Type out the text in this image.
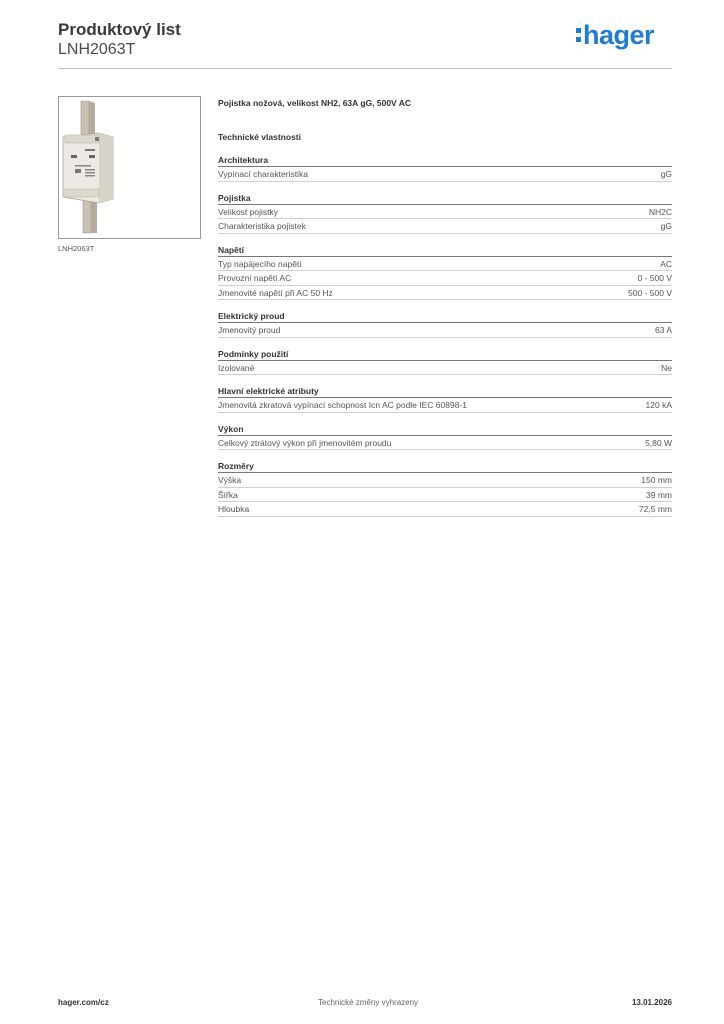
Produktový list
LNH2063T	hager
LNH2063T
Pojistka nožová, velikost NH2, 63A gG, 500V AC
Technické vlastnosti
Architektura
Vypínací charakteristika	gG
Pojistka
Velikost pojistky	NH2C
Charakteristika pojistek	gG
Napětí
Typ napájecího napětí	AC
Provozní napětí AC	0 - 500 V
Jmenovité napětí při AC 50 Hz	500 - 500 V
Elektrický proud
Jmenovitý proud	63 A
Podmínky použití
Izolované	Ne
Hlavní elektrické atributy
Jmenovitá zkratová vypínací schopnost Icn AC podle IEC 60898-1	120 kA
Výkon
Celkový ztrátový výkon při jmenovitém proudu	5,80 W
Rozměry
Výška	150 mm
Šířka	39 mm
Hloubka	72,5 mm
hager.com/cz	Technické změny vyhrazeny	13.01.2026
